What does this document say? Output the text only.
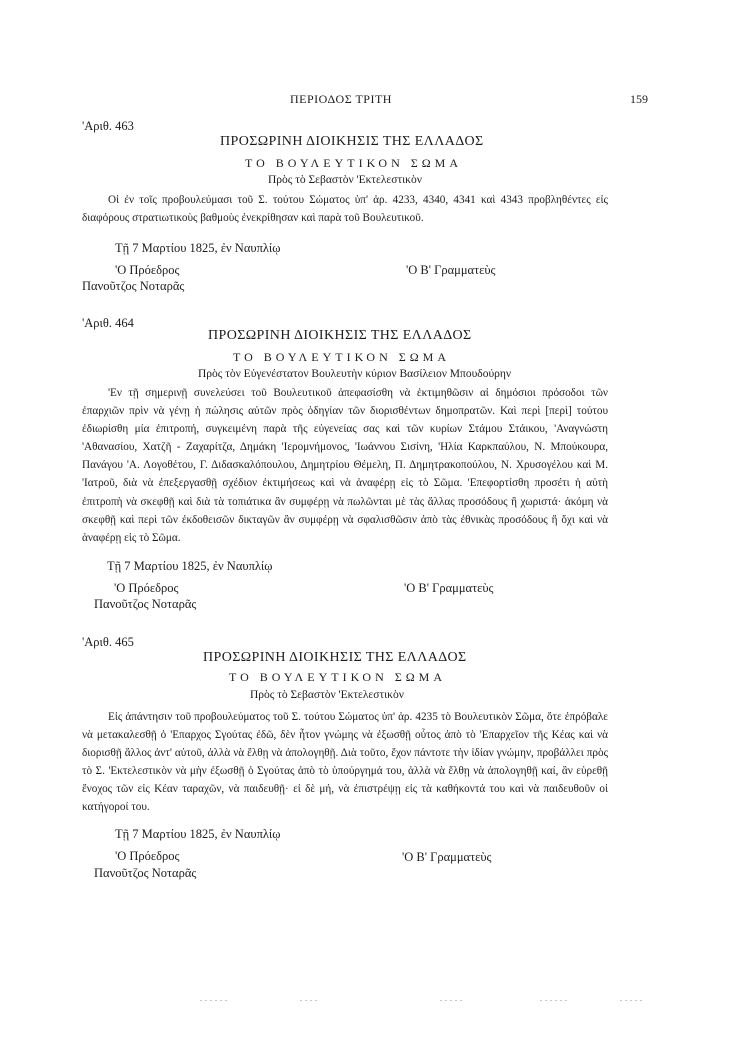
ΠΕΡΙΟΔΟΣ ΤΡΙΤΗ	159
'Αριθ. 463
ΠΡΟΣΩΡΙΝΗ ΔΙΟΙΚΗΣΙΣ ΤΗΣ ΕΛΛΑΔΟΣ
ΤΟ ΒΟΥΛΕΥΤΙΚΟΝ ΣΩΜΑ
Πρὸς τὸ Σεβαστὸν 'Εκτελεστικὸν

Οἱ ἐν τοῖς προβουλεύμασι τοῦ Σ. τούτου Σώματος ὑπ' ἀρ. 4233, 4340, 4341 καὶ 4343 προβληθέντες εἰς διαφόρους στρατιωτικοὺς βαθμοὺς ἐνεκρίθησαν καὶ παρὰ τοῦ Βουλευτικοῦ.

Τῇ 7 Μαρτίου 1825, ἐν Ναυπλίῳ
'Ο Πρόεδρος	'Ο Β' Γραμματεὺς
Πανοῦτζος Νοταρᾶς
'Αριθ. 464
ΠΡΟΣΩΡΙΝΗ ΔΙΟΙΚΗΣΙΣ ΤΗΣ ΕΛΛΑΔΟΣ
ΤΟ ΒΟΥΛΕΥΤΙΚΟΝ ΣΩΜΑ
Πρὸς τὸν Εὐγενέστατον Βουλευτὴν κύριον Βασίλειον Μπουδούρην

'Εν τῇ σημερινῇ συνελεύσει τοῦ Βουλευτικοῦ ἀπεφασίσθη νὰ ἐκτιμηθῶσιν αἱ δημόσιοι πρόσοδοι τῶν ἐπαρχιῶν πρὶν νὰ γένῃ ἡ πώλησις αὐτῶν πρὸς ὁδηγίαν τῶν διορισθέντων δημοπρατῶν. Καὶ περὶ [περὶ] τούτου ἐδιωρίσθη μία ἐπιτροπή, συγκειμένη παρὰ τῆς εὐγενείας σας καὶ τῶν κυρίων Στάμου Στάικου, 'Αναγνώστη 'Αθανασίου, Χατζῆ - Ζαχαρίτζα, Δημάκη 'Ιερομνήμονος, 'Ιωάννου Σισίνη, 'Ηλία Καρκπαύλου, Ν. Μπούκουρα, Πανάγου 'Α. Λογοθέτου, Γ. Διδασκαλόπουλου, Δημητρίου Θέμελη, Π. Δημητρακοπούλου, Ν. Χρυσογέλου καὶ Μ. 'Ιατροῦ, διὰ νὰ ἐπεξεργασθῇ σχέδιον ἐκτιμήσεως καὶ νὰ ἀναφέρῃ εἰς τὸ Σῶμα. 'Επεφορτίσθη προσέτι ἡ αὐτὴ ἐπιτροπὴ νὰ σκεφθῇ καὶ διὰ τὰ τοπιάτικα ἂν συμφέρῃ νὰ πωλῶνται μὲ τὰς ἄλλας προσόδους ἢ χωριστά· ἀκόμη νὰ σκεφθῇ καὶ περὶ τῶν ἐκδοθεισῶν δικταγῶν ἂν συμφέρῃ νὰ σφαλισθῶσιν ἀπὸ τὰς ἐθνικὰς προσόδους ἢ ὄχι καὶ νὰ ἀναφέρῃ εἰς τὸ Σῶμα.

Τῇ 7 Μαρτίου 1825, ἐν Ναυπλίῳ
'Ο Πρόεδρος	'Ο Β' Γραμματεὺς
Πανοῦτζος Νοταρᾶς
'Αριθ. 465
ΠΡΟΣΩΡΙΝΗ ΔΙΟΙΚΗΣΙΣ ΤΗΣ ΕΛΛΑΔΟΣ
ΤΟ ΒΟΥΛΕΥΤΙΚΟΝ ΣΩΜΑ
Πρὸς τὸ Σεβαστὸν 'Εκτελεστικὸν

Εἰς ἀπάντησιν τοῦ προβουλεύματος τοῦ Σ. τούτου Σώματος ὑπ' ἀρ. 4235 τὸ Βουλευτικὸν Σῶμα, ὅτε ἐπρόβαλε νὰ μετακαλεσθῇ ὁ 'Επαρχος Σγούτας ἐδῶ, δὲν ἦτον γνώμης νὰ ἐξωσθῇ οὗτος ἀπὸ τὸ 'Επαρχεῖον τῆς Κέας καὶ νὰ διορισθῇ ἄλλος ἀντ' αὐτοῦ, ἀλλὰ νὰ ἔλθῃ νὰ ἀπολογηθῇ. Διὰ τοῦτο, ἔχον πάντοτε τὴν ἰδίαν γνώμην, προβάλλει πρὸς τὸ Σ. 'Εκτελεστικὸν νὰ μὴν ἐξωσθῇ ὁ Σγούτας ἀπὸ τὸ ὑπούργημά του, ἀλλὰ νὰ ἔλθῃ νὰ ἀπολογηθῇ καί, ἂν εὑρεθῇ ἔνοχος τῶν εἰς Κέαν ταραχῶν, νὰ παιδευθῇ· εἰ δὲ μή, νὰ ἐπιστρέψῃ εἰς τὰ καθήκοντά του καὶ νὰ παιδευθοῦν οἱ κατήγοροί του.

Τῇ 7 Μαρτίου 1825, ἐν Ναυπλίῳ
'Ο Πρόεδρος	'Ο Β' Γραμματεὺς
Πανοῦτζος Νοταρᾶς
